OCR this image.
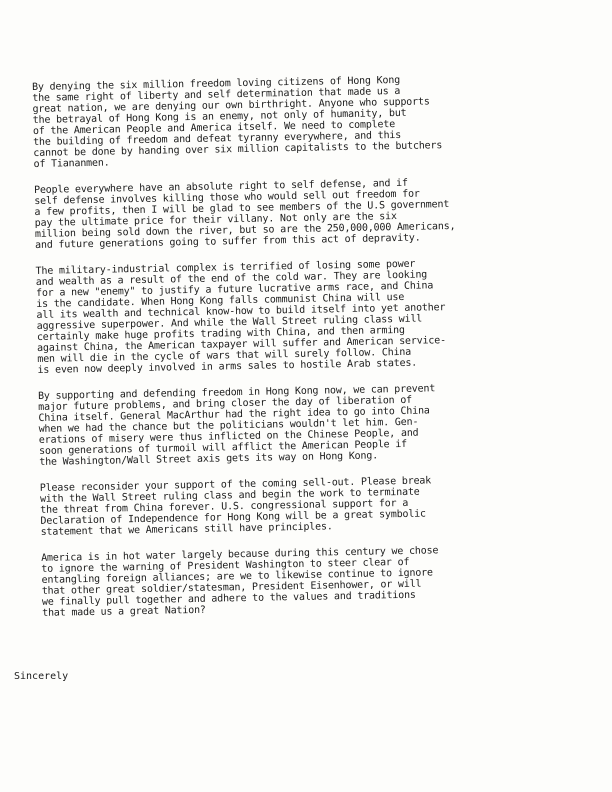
By denying the six million freedom loving citizens of Hong Kong
the same right of liberty and self determination that made us a
great nation, we are denying our own birthright. Anyone who supports
the betrayal of Hong Kong is an enemy, not only of humanity, but
of the American People and America itself. We need to complete
the building of freedom and defeat tyranny everywhere, and this
cannot be done by handing over six million capitalists to the butchers
of Tiananmen.

People everywhere have an absolute right to self defense, and if
self defense involves killing those who would sell out freedom for
a few profits, then I will be glad to see members of the U.S government
pay the ultimate price for their villany. Not only are the six
million being sold down the river, but so are the 250,000,000 Americans,
and future generations going to suffer from this act of depravity.

The military-industrial complex is terrified of losing some power
and wealth as a result of the end of the cold war. They are looking
for a new "enemy" to justify a future lucrative arms race, and China
is the candidate. When Hong Kong falls communist China will use
all its wealth and technical know-how to build itself into yet another
aggressive superpower. And while the Wall Street ruling class will
certainly make huge profits trading with China, and then arming
against China, the American taxpayer will suffer and American service-
men will die in the cycle of wars that will surely follow. China
is even now deeply involved in arms sales to hostile Arab states.

By supporting and defending freedom in Hong Kong now, we can prevent
major future problems, and bring closer the day of liberation of
China itself. General MacArthur had the right idea to go into China
when we had the chance but the politicians wouldn't let him. Gen-
erations of misery were thus inflicted on the Chinese People, and
soon generations of turmoil will afflict the American People if
the Washington/Wall Street axis gets its way on Hong Kong.

Please reconsider your support of the coming sell-out. Please break
with the Wall Street ruling class and begin the work to terminate
the threat from China forever. U.S. congressional support for a
Declaration of Independence for Hong Kong will be a great symbolic
statement that we Americans still have principles.

America is in hot water largely because during this century we chose
to ignore the warning of President Washington to steer clear of
entangling foreign alliances; are we to likewise continue to ignore
that other great soldier/statesman, President Eisenhower, or will
we finally pull together and adhere to the values and traditions
that made us a great Nation?

Sincerely
